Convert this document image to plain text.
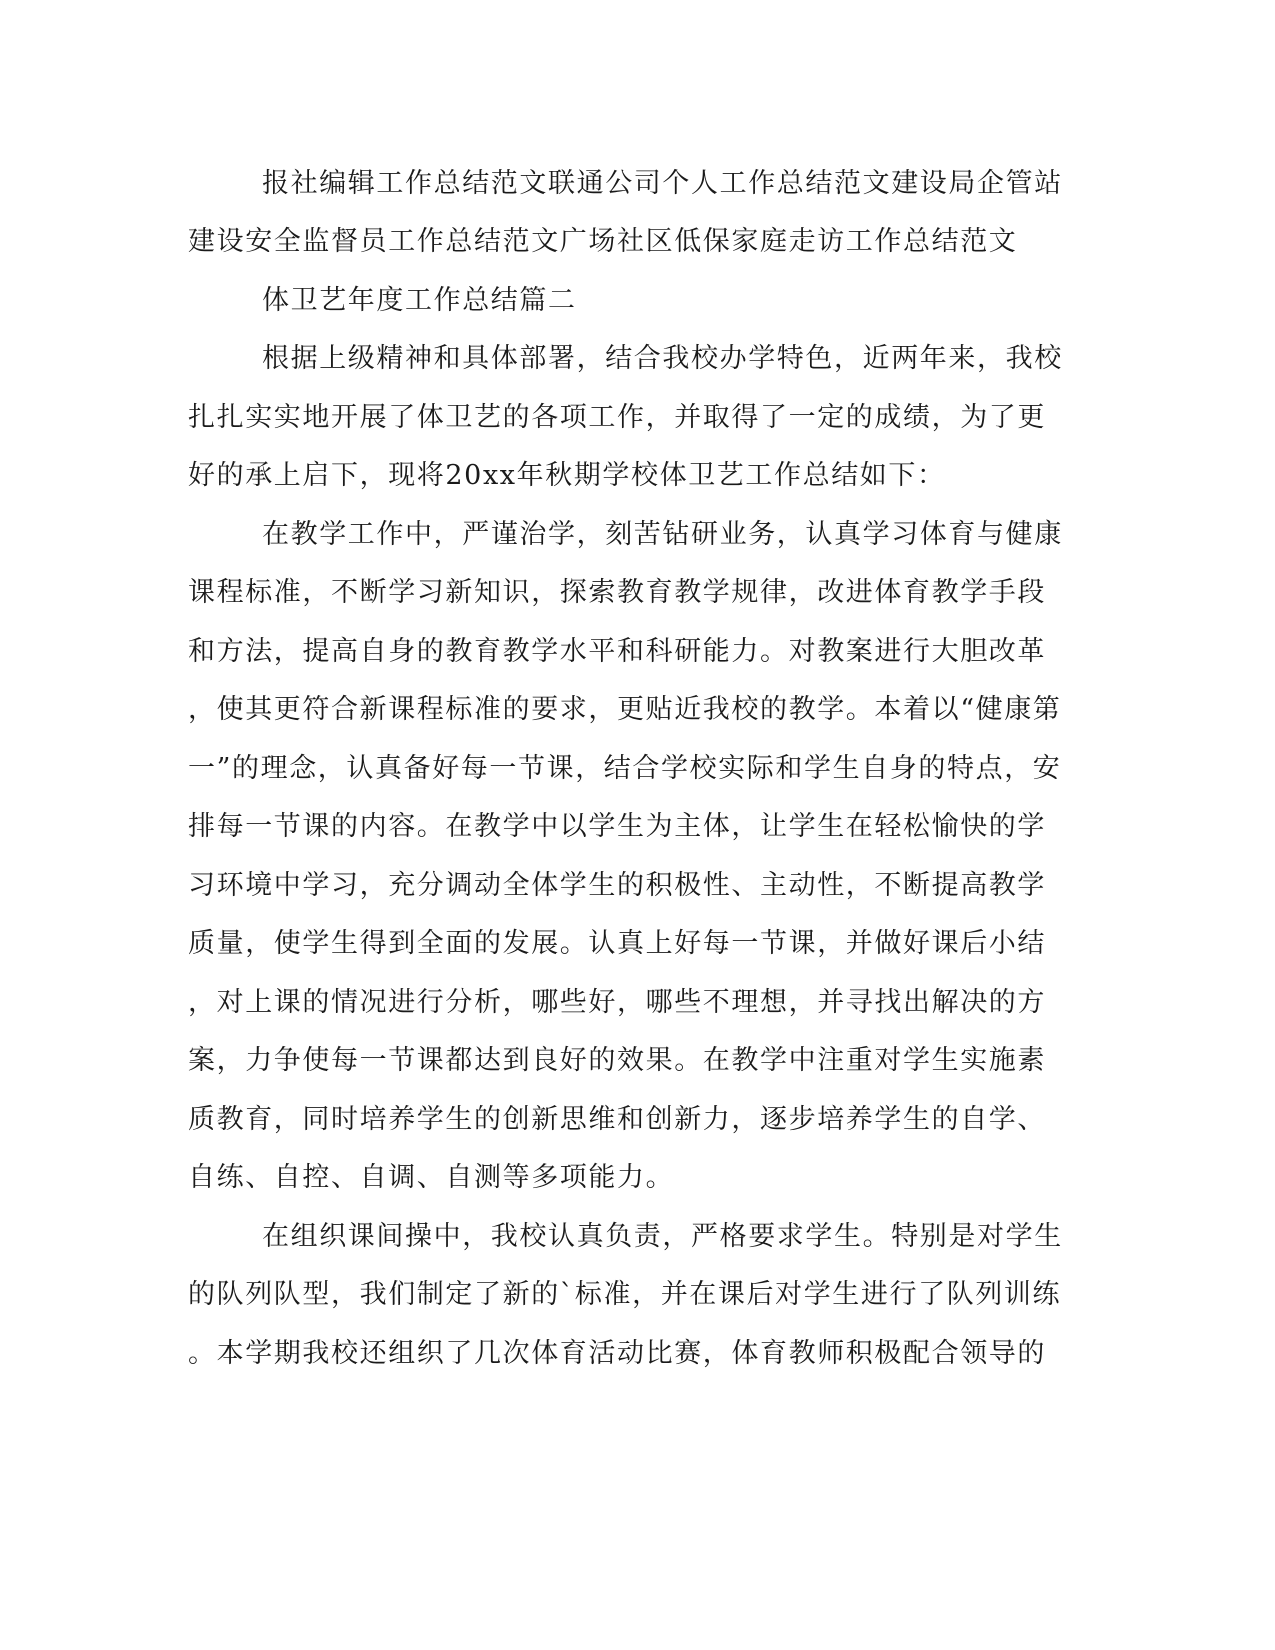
报社编辑工作总结范文联通公司个人工作总结范文建设局企管站
建设安全监督员工作总结范文广场社区低保家庭走访工作总结范文
体卫艺年度工作总结篇二
根据上级精神和具体部署，结合我校办学特色，近两年来，我校
扎扎实实地开展了体卫艺的各项工作，并取得了一定的成绩，为了更
好的承上启下，现将20xx年秋期学校体卫艺工作总结如下：
在教学工作中，严谨治学，刻苦钻研业务，认真学习体育与健康
课程标准，不断学习新知识，探索教育教学规律，改进体育教学手段
和方法，提高自身的教育教学水平和科研能力。对教案进行大胆改革
，使其更符合新课程标准的要求，更贴近我校的教学。本着以“健康第
一”的理念，认真备好每一节课，结合学校实际和学生自身的特点，安
排每一节课的内容。在教学中以学生为主体，让学生在轻松愉快的学
习环境中学习，充分调动全体学生的积极性、主动性，不断提高教学
质量，使学生得到全面的发展。认真上好每一节课，并做好课后小结
，对上课的情况进行分析，哪些好，哪些不理想，并寻找出解决的方
案，力争使每一节课都达到良好的效果。在教学中注重对学生实施素
质教育，同时培养学生的创新思维和创新力，逐步培养学生的自学、
自练、自控、自调、自测等多项能力。
在组织课间操中，我校认真负责，严格要求学生。特别是对学生
的队列队型，我们制定了新的`标准，并在课后对学生进行了队列训练
。本学期我校还组织了几次体育活动比赛，体育教师积极配合领导的
